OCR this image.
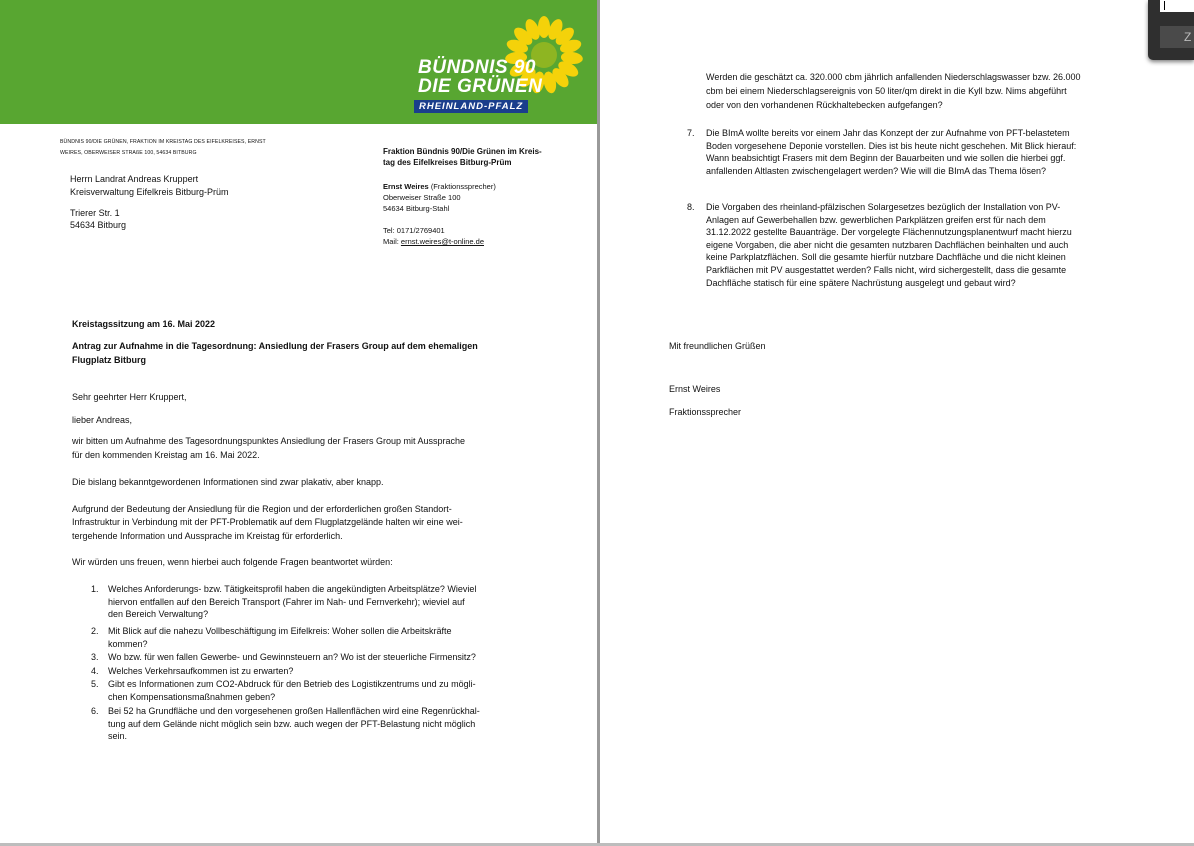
BÜNDNIS 90
DIE GRÜNEN
RHEINLAND-PFALZ
BÜNDNIS 90/DIE GRÜNEN, FRAKTION IM KREISTAG DES EIFELKREISES, ERNST
WEIRES, OBERWEISER STRAßE 100, 54634 BITBURG
Herrn Landrat Andreas Kruppert
Kreisverwaltung Eifelkreis Bitburg-Prüm
Trierer Str. 1
54634 Bitburg
Fraktion Bündnis 90/Die Grünen im Kreis-
tag des Eifelkreises Bitburg-Prüm
Ernst Weires (Fraktionssprecher)
Oberweiser Straße 100
54634 Bitburg-Stahl
Tel: 0171/2769401
Mail: ernst.weires@t-online.de
Kreistagssitzung am 16. Mai 2022
Antrag zur Aufnahme in die Tagesordnung: Ansiedlung der Frasers Group auf dem ehemaligen
Flugplatz Bitburg
Sehr geehrter Herr Kruppert,
lieber Andreas,
wir bitten um Aufnahme des Tagesordnungspunktes Ansiedlung der Frasers Group mit Aussprache
für den kommenden Kreistag am 16. Mai 2022.
Die bislang bekanntgewordenen Informationen sind zwar plakativ, aber knapp.
Aufgrund der Bedeutung der Ansiedlung für die Region und der erforderlichen großen Standort-
Infrastruktur in Verbindung mit der PFT-Problematik auf dem Flugplatzgelände halten wir eine wei-
tergehende Information und Aussprache im Kreistag für erforderlich.
Wir würden uns freuen, wenn hierbei auch folgende Fragen beantwortet würden:
1. Welches Anforderungs- bzw. Tätigkeitsprofil haben die angekündigten Arbeitsplätze? Wieviel
hiervon entfallen auf den Bereich Transport (Fahrer im Nah- und Fernverkehr); wieviel auf
den Bereich Verwaltung?
2. Mit Blick auf die nahezu Vollbeschäftigung im Eifelkreis: Woher sollen die Arbeitskräfte
kommen?
3. Wo bzw. für wen fallen Gewerbe- und Gewinnsteuern an? Wo ist der steuerliche Firmensitz?
4. Welches Verkehrsaufkommen ist zu erwarten?
5. Gibt es Informationen zum CO2-Abdruck für den Betrieb des Logistikzentrums und zu mögli-
chen Kompensationsmaßnahmen geben?
6. Bei 52 ha Grundfläche und den vorgesehenen großen Hallenflächen wird eine Regenrückhal-
tung auf dem Gelände nicht möglich sein bzw. auch wegen der PFT-Belastung nicht möglich
sein.
Werden die geschätzt ca. 320.000 cbm jährlich anfallenden Niederschlagswasser bzw. 26.000
cbm bei einem Niederschlagsereignis von 50 liter/qm direkt in die Kyll bzw. Nims abgeführt
oder von den vorhandenen Rückhaltebecken aufgefangen?
7. Die BImA wollte bereits vor einem Jahr das Konzept der zur Aufnahme von PFT-belastetem
Boden vorgesehene Deponie vorstellen. Dies ist bis heute nicht geschehen. Mit Blick hierauf:
Wann beabsichtigt Frasers mit dem Beginn der Bauarbeiten und wie sollen die hierbei ggf.
anfallenden Altlasten zwischengelagert werden? Wie will die BImA das Thema lösen?
8. Die Vorgaben des rheinland-pfälzischen Solargesetzes bezüglich der Installation von PV-
Anlagen auf Gewerbehallen bzw. gewerblichen Parkplätzen greifen erst für nach dem
31.12.2022 gestellte Bauanträge. Der vorgelegte Flächennutzungsplanentwurf macht hierzu
eigene Vorgaben, die aber nicht die gesamten nutzbaren Dachflächen beinhalten und auch
keine Parkplatzflächen. Soll die gesamte hierfür nutzbare Dachfläche und die nicht kleinen
Parkflächen mit PV ausgestattet werden? Falls nicht, wird sichergestellt, dass die gesamte
Dachfläche statisch für eine spätere Nachrüstung ausgelegt und gebaut wird?
Mit freundlichen Grüßen
Ernst Weires
Fraktionssprecher
Z
